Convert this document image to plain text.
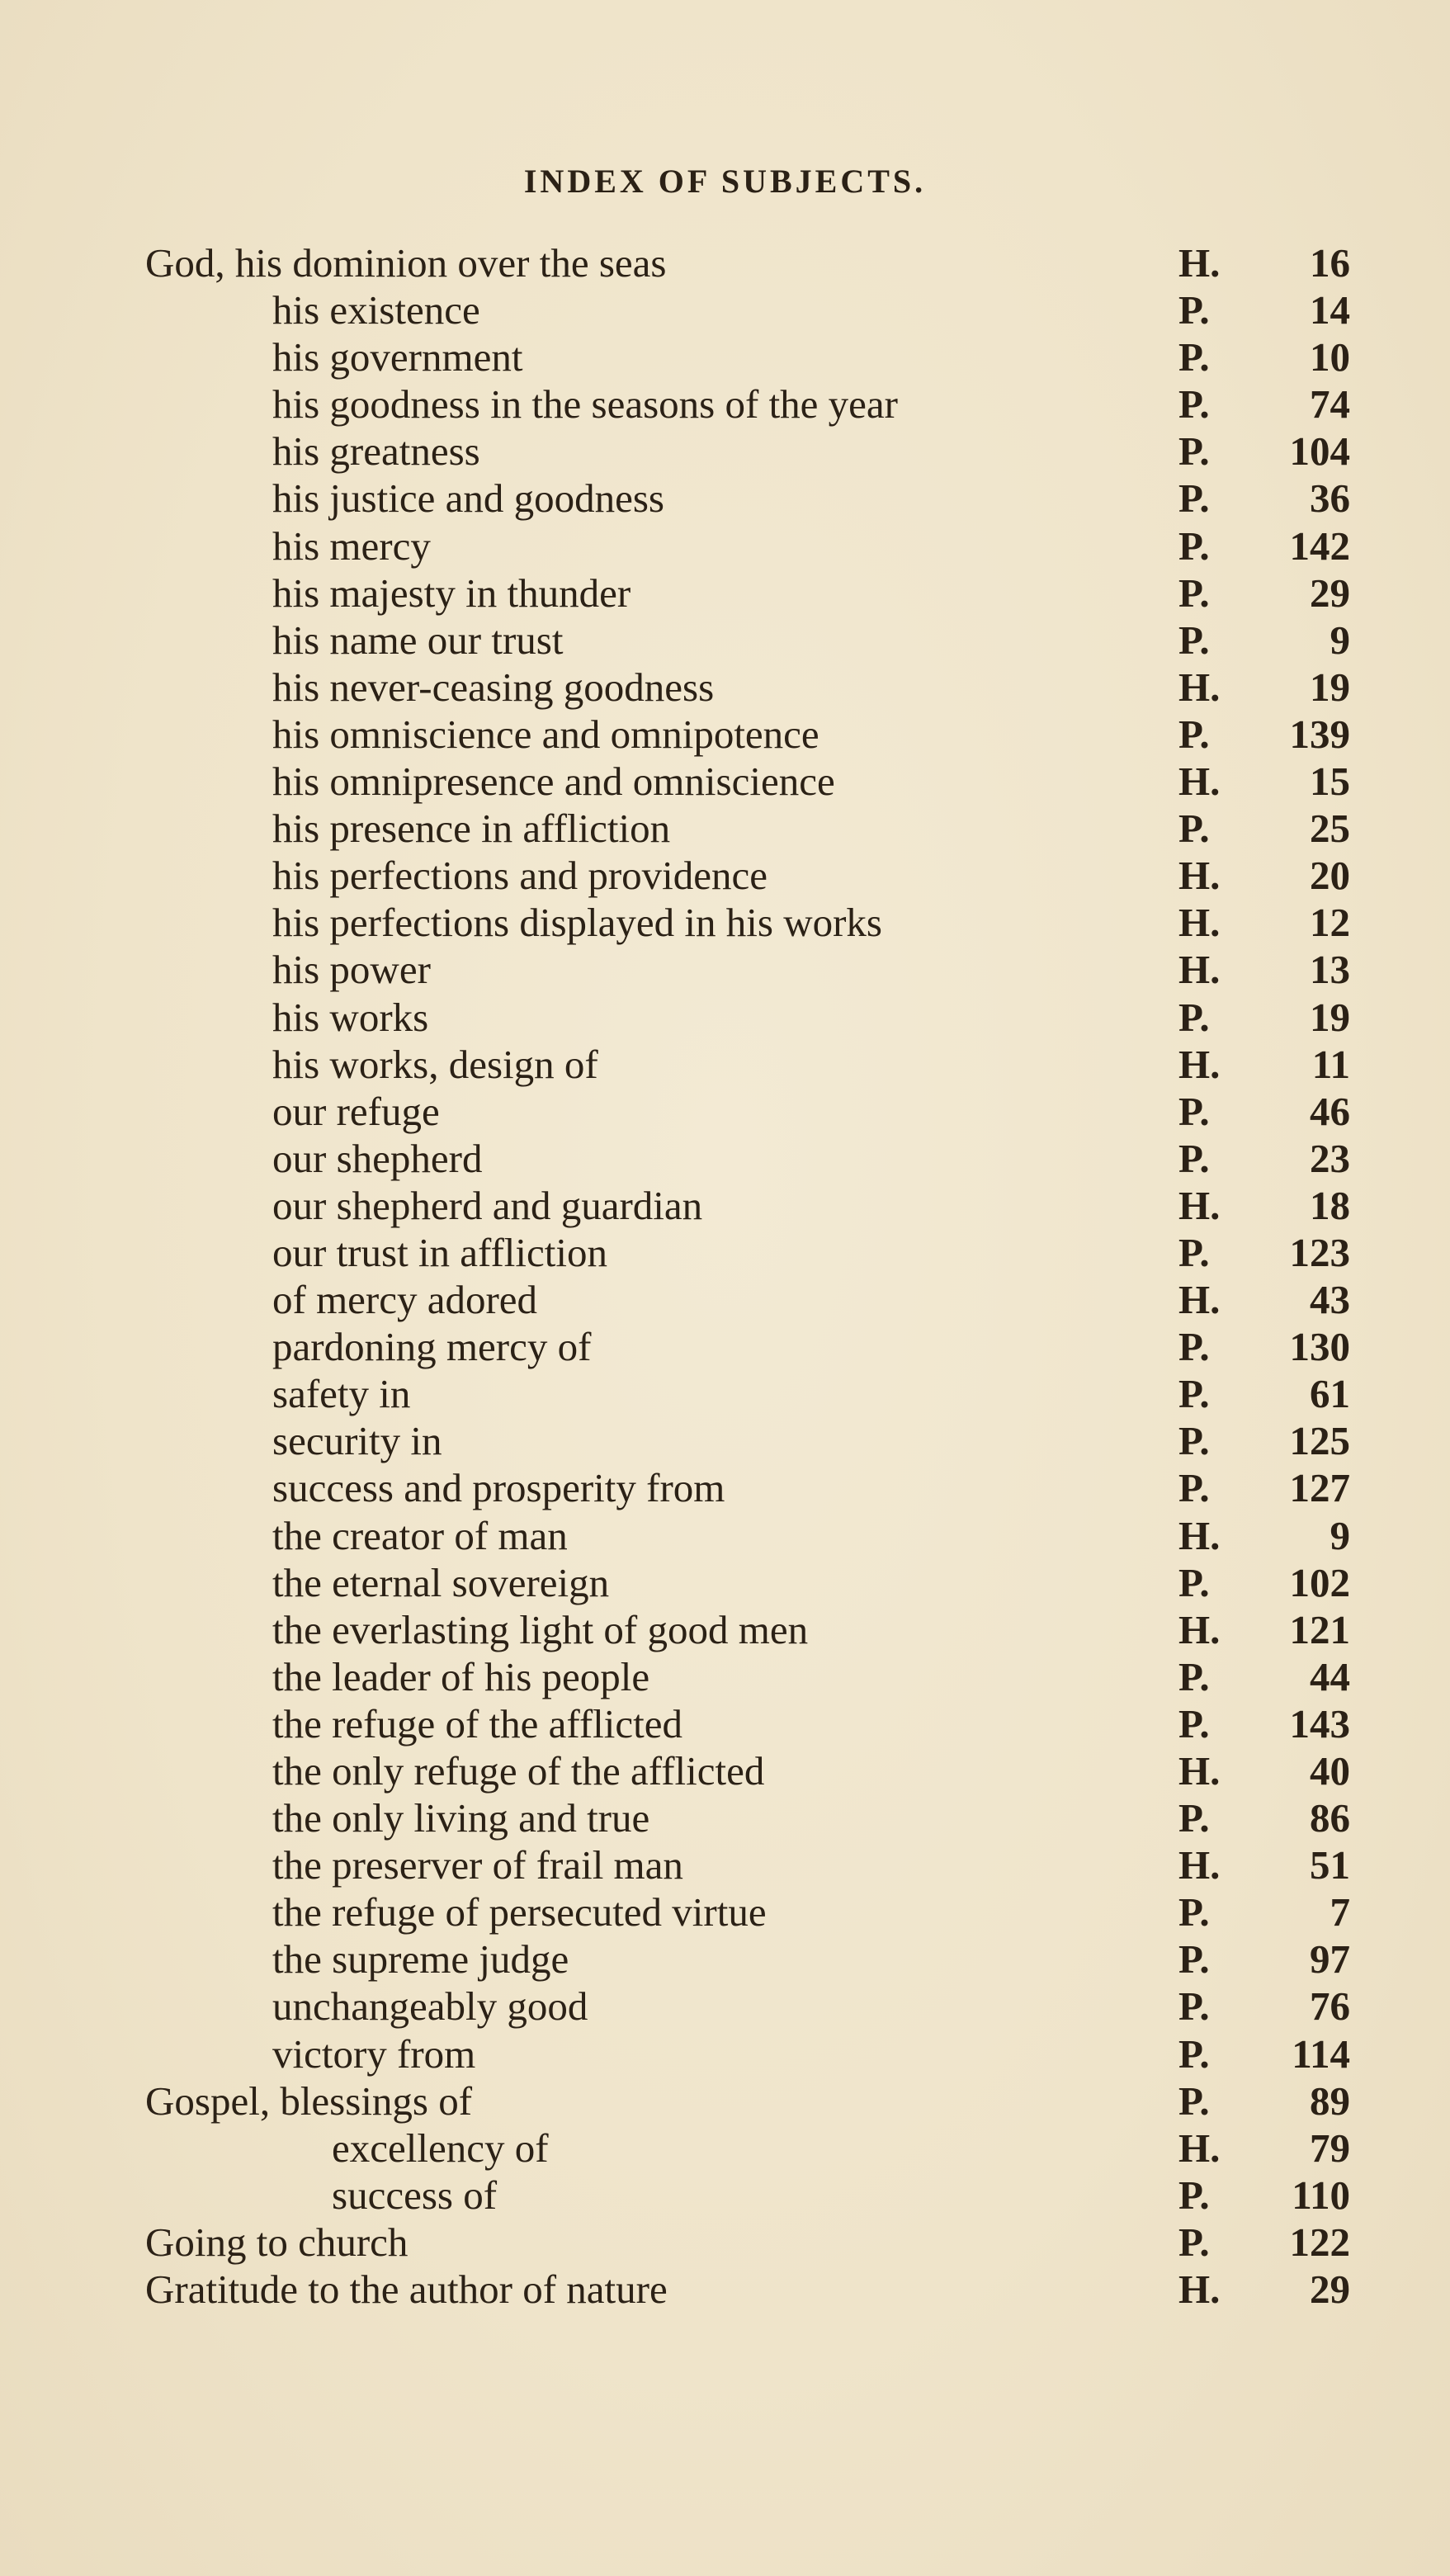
INDEX OF SUBJECTS.
God, his dominion over the seas	H. 16
his existence	P. 14
his government	P. 10
his goodness in the seasons of the year	P. 74
his greatness	P. 104
his justice and goodness	P. 36
his mercy	P. 142
his majesty in thunder	P. 29
his name our trust	P.	9
his never-ceasing goodness	H. 19
his omniscience and omnipotence	P. 139
his omnipresence and omniscience	H. 15
his presence in affliction	P. 25
his perfections and providence	H. 20
his perfections displayed in his works	H. 12
his power	H. 13
his works	P. 19
his works, design of	H. 11
our refuge	P. 46
our shepherd	P. 23
our shepherd and guardian	H. 18
our trust in affliction	P. 123
of mercy adored	H. 43
pardoning mercy of	P. 130
safety in	P. 61
security in	P. 125
success and prosperity from	P. 127
the creator of man	H.	9
the eternal sovereign	P. 102
the everlasting light of good men	H. 121
the leader of his people	P. 44
the refuge of the afflicted	P. 143
the only refuge of the afflicted	H. 40
the only living and true	P. 86
the preserver of frail man	H. 51
the refuge of persecuted virtue	P.	7
the supreme judge	P. 97
unchangeably good	P. 76
victory from	P. 114
Gospel, blessings of	P. 89
excellency of	H. 79
success of	P. 110
Going to church	P. 122
Gratitude to the author of nature	H. 29
